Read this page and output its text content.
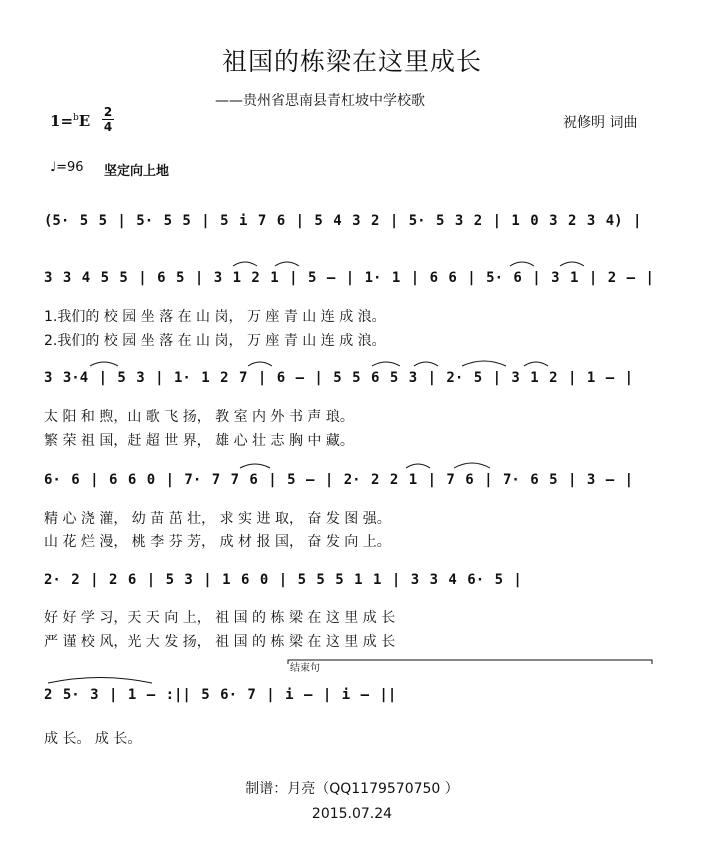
祖国的栋梁在这里成长
——贵州省思南县青杠坡中学校歌
1=$^b$E 2
4	祝修明 词曲
♩=96 坚定向上地
(5· 5 5 | 5· 5 5 | 5 i 7 6 | 5 4 3 2 | 5· 5 3 2 | 1 0 3 2 3 4) |
3 3 4 5 5 | 6 5 | 3 1 2 1 | 5 – | 1· 1 | 6 6 | 5· 6 | 3 1 | 2 – |
1.我们的 校 园 坐 落 在 山 岗， 万 座 青 山 连 成 浪。
2.我们的 校 园 坐 落 在 山 岗， 万 座 青 山 连 成 浪。
3 3·4 | 5 3 | 1· 1 2 7 | 6 – | 5 5 6 5 3 | 2· 5 | 3 1 2 | 1 – |
太 阳 和 煦，山 歌 飞 扬， 教 室 内 外 书 声 琅。
繁 荣 祖 国，赶 超 世 界， 雄 心 壮 志 胸 中 藏。
6· 6 | 6 6 0 | 7· 7 7 6 | 5 – | 2· 2 2 1 | 7 6 | 7· 6 5 | 3 – |
精 心 浇 灌， 幼 苗 茁 壮， 求 实 进 取， 奋 发 图 强。
山 花 烂 漫， 桃 李 芬 芳， 成 材 报 国， 奋 发 向 上。
2· 2 | 2 6 | 5 3 | 1 6 0 | 5 5 5 1 1 | 3 3 4 6· 5 |
好 好 学 习，天 天 向 上， 祖 国 的 栋 梁 在 这 里 成 长
严 谨 校 风，光 大 发 扬， 祖 国 的 栋 梁 在 这 里 成 长
结束句
2 5· 3 | 1 – :|| 5 6· 7 | i – | i – ||
成 长。 成 长。
制谱：月亮（QQ1179570750 ）
2015.07.24
